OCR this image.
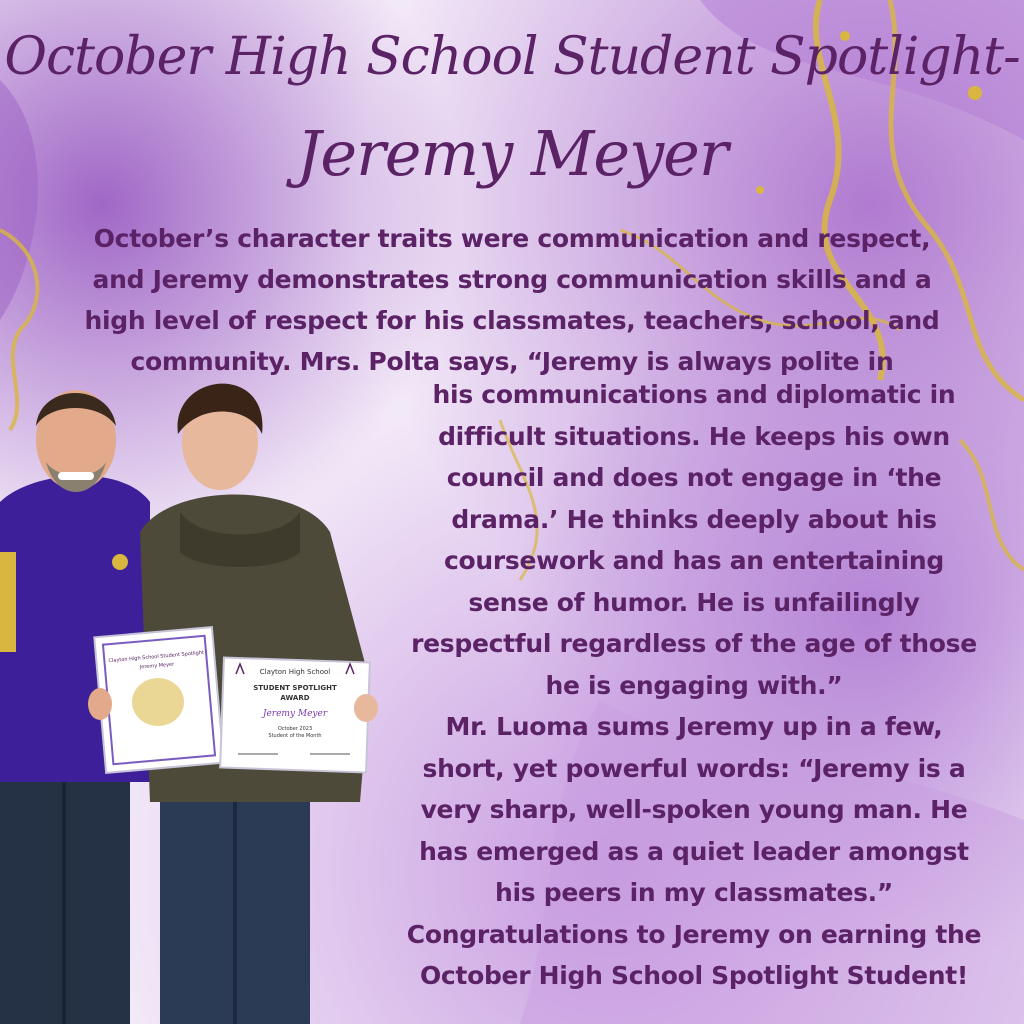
October High School Student Spotlight-
Jeremy Meyer

October’s character traits were communication and respect,
and Jeremy demonstrates strong communication skills and a
high level of respect for his classmates, teachers, school, and
community. Mrs. Polta says, “Jeremy is always polite in

Clayton High School Student Spotlight
Jeremy Meyer
Clayton High School
STUDENT SPOTLIGHT
AWARD
Jeremy Meyer
October 2023
Student of the Month

his communications and diplomatic in
difficult situations. He keeps his own
council and does not engage in ‘the
drama.’ He thinks deeply about his
coursework and has an entertaining
sense of humor. He is unfailingly
respectful regardless of the age of those
he is engaging with.”
Mr. Luoma sums Jeremy up in a few,
short, yet powerful words: “Jeremy is a
very sharp, well-spoken young man. He
has emerged as a quiet leader amongst
his peers in my classmates.”
Congratulations to Jeremy on earning the
October High School Spotlight Student!
